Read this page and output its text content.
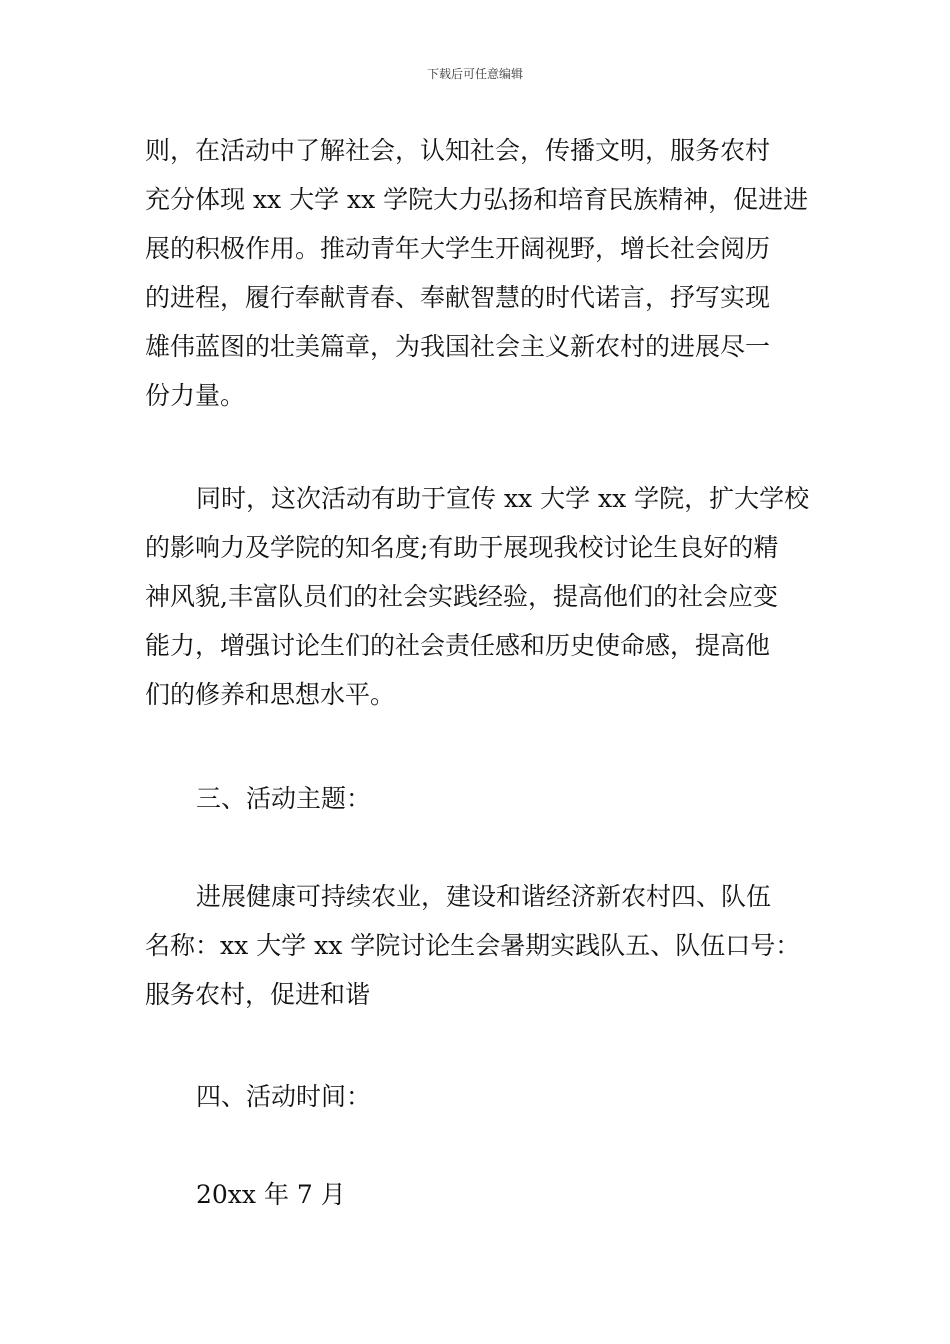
下载后可任意编辑
则，在活动中了解社会，认知社会，传播文明，服务农村
充分体现 xx 大学 xx 学院大力弘扬和培育民族精神，促进进
展的积极作用。推动青年大学生开阔视野，增长社会阅历
的进程，履行奉献青春、奉献智慧的时代诺言，抒写实现
雄伟蓝图的壮美篇章，为我国社会主义新农村的进展尽一
份力量。
同时，这次活动有助于宣传 xx 大学 xx 学院，扩大学校
的影响力及学院的知名度;有助于展现我校讨论生良好的精
神风貌,丰富队员们的社会实践经验，提高他们的社会应变
能力，增强讨论生们的社会责任感和历史使命感，提高他
们的修养和思想水平。
三、活动主题：
进展健康可持续农业，建设和谐经济新农村四、队伍
名称：xx 大学 xx 学院讨论生会暑期实践队五、队伍口号：
服务农村，促进和谐
四、活动时间：
20xx 年 7 月
